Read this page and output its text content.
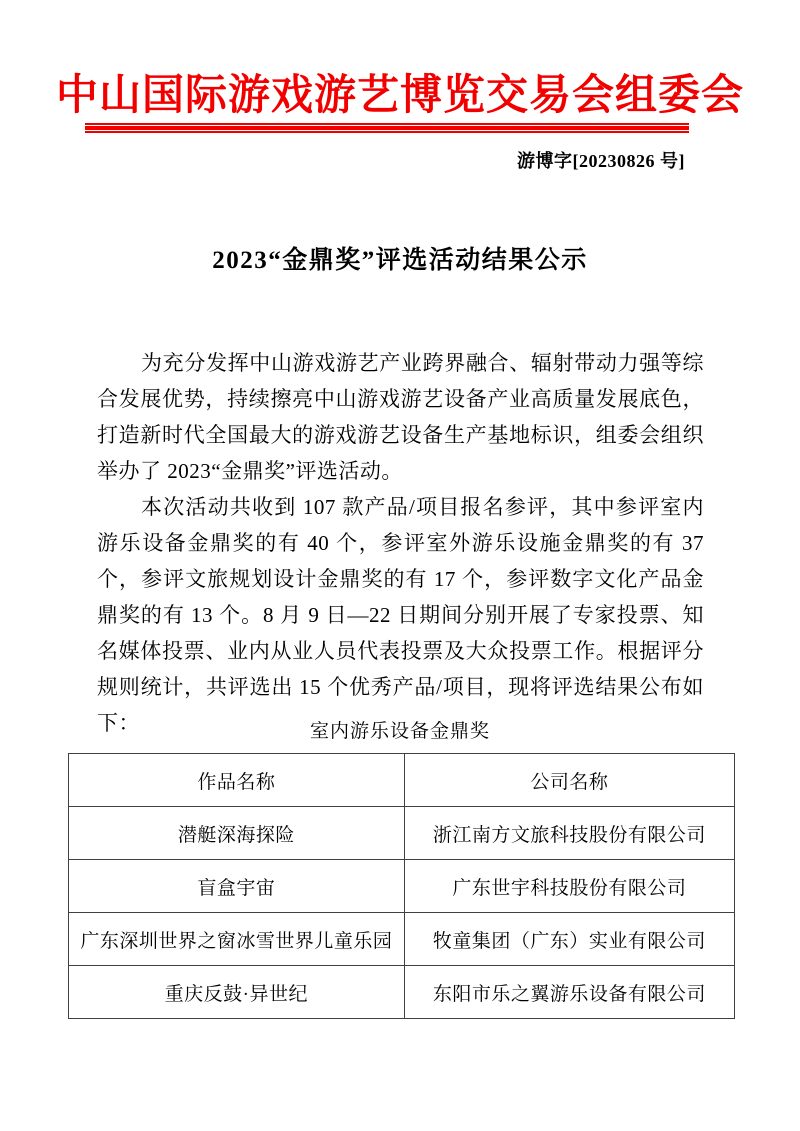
中山国际游戏游艺博览交易会组委会
游博字[20230826 号]
2023“金鼎奖”评选活动结果公示

为充分发挥中山游戏游艺产业跨界融合、辐射带动力强等综合发展优势，持续擦亮中山游戏游艺设备产业高质量发展底色，打造新时代全国最大的游戏游艺设备生产基地标识，组委会组织举办了 2023“金鼎奖”评选活动。

本次活动共收到 107 款产品/项目报名参评，其中参评室内游乐设备金鼎奖的有 40 个，参评室外游乐设施金鼎奖的有 37 个，参评文旅规划设计金鼎奖的有 17 个，参评数字文化产品金鼎奖的有 13 个。8 月 9 日—22 日期间分别开展了专家投票、知名媒体投票、业内从业人员代表投票及大众投票工作。根据评分规则统计，共评选出 15 个优秀产品/项目，现将评选结果公布如下：	室内游乐设备金鼎奖
作品名称	公司名称
潜艇深海探险	浙江南方文旅科技股份有限公司
盲盒宇宙	广东世宇科技股份有限公司
广东深圳世界之窗冰雪世界儿童乐园	牧童集团（广东）实业有限公司
重庆反鼓·异世纪	东阳市乐之翼游乐设备有限公司
